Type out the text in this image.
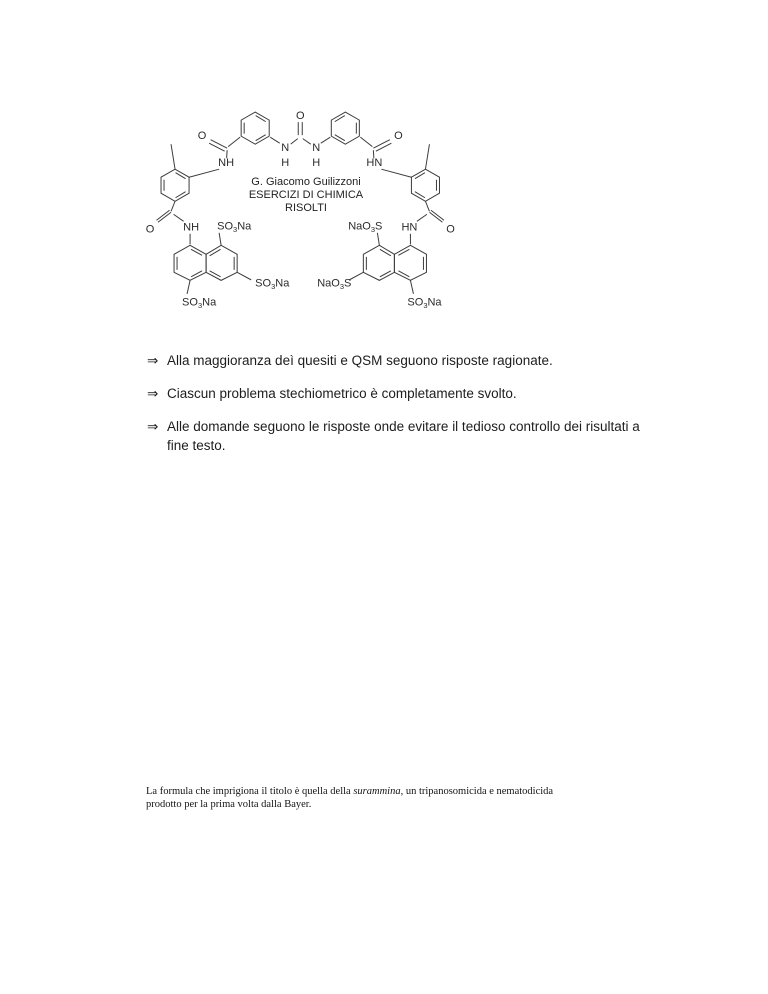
O
N
H
N
H
O
NH
O
HN
O NH	O
HN
$SO_3Na$
$SO_3Na$
$SO_3Na$
NaO$_3$S
NaO$_3$S
$SO_3Na$
G. Giacomo Guilizzoni
ESERCIZI DI CHIMICA
RISOLTI
⇒ Alla maggioranza deì quesiti e QSM seguono risposte ragionate.
⇒ Ciascun problema stechiometrico è completamente svolto.
⇒ Alle domande seguono le risposte onde evitare il tedioso controllo dei risultati a
fine testo.
La formula che imprigiona il titolo è quella della surammina, un tripanosomicida e nematodicida
prodotto per la prima volta dalla Bayer.
